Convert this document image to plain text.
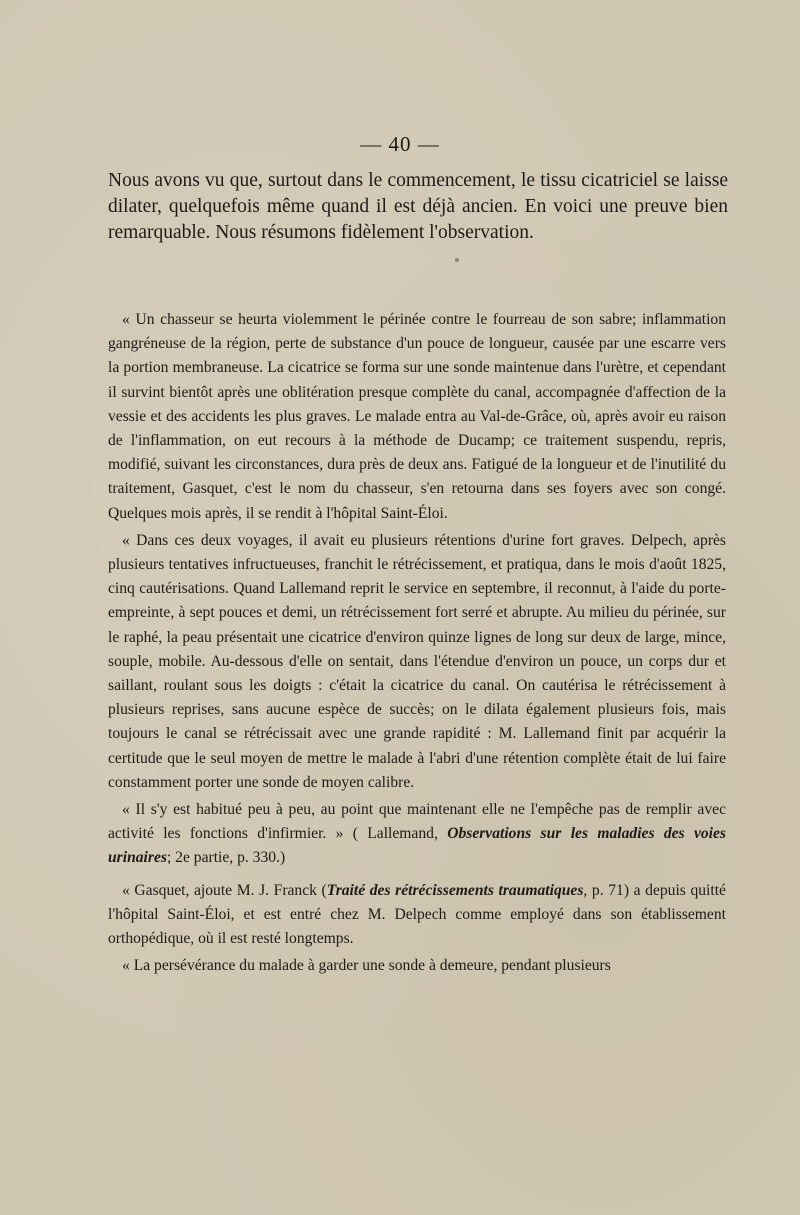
— 40 —

Nous avons vu que, surtout dans le commencement, le tissu cicatriciel se laisse dilater, quelquefois même quand il est déjà ancien. En voici une preuve bien remarquable. Nous résumons fidèlement l'observation.

« Un chasseur se heurta violemment le périnée contre le fourreau de son sabre; inflammation gangréneuse de la région, perte de substance d'un pouce de longueur, causée par une escarre vers la portion membraneuse. La cicatrice se forma sur une sonde maintenue dans l'urètre, et cependant il survint bientôt après une oblitération presque complète du canal, accompagnée d'affection de la vessie et des accidents les plus graves. Le malade entra au Val-de-Grâce, où, après avoir eu raison de l'inflammation, on eut recours à la méthode de Ducamp; ce traitement suspendu, repris, modifié, suivant les circonstances, dura près de deux ans. Fatigué de la longueur et de l'inutilité du traitement, Gasquet, c'est le nom du chasseur, s'en retourna dans ses foyers avec son congé. Quelques mois après, il se rendit à l'hôpital Saint-Éloi.

« Dans ces deux voyages, il avait eu plusieurs rétentions d'urine fort graves. Delpech, après plusieurs tentatives infructueuses, franchit le rétrécissement, et pratiqua, dans le mois d'août 1825, cinq cautérisations. Quand Lallemand reprit le service en septembre, il reconnut, à l'aide du porte-empreinte, à sept pouces et demi, un rétrécissement fort serré et abrupte. Au milieu du périnée, sur le raphé, la peau présentait une cicatrice d'environ quinze lignes de long sur deux de large, mince, souple, mobile. Au-dessous d'elle on sentait, dans l'étendue d'environ un pouce, un corps dur et saillant, roulant sous les doigts : c'était la cicatrice du canal. On cautérisa le rétrécissement à plusieurs reprises, sans aucune espèce de succès; on le dilata également plusieurs fois, mais toujours le canal se rétrécissait avec une grande rapidité : M. Lallemand finit par acquérir la certitude que le seul moyen de mettre le malade à l'abri d'une rétention complète était de lui faire constamment porter une sonde de moyen calibre.

« Il s'y est habitué peu à peu, au point que maintenant elle ne l'empêche pas de remplir avec activité les fonctions d'infirmier. » ( Lallemand, Observations sur les maladies des voies urinaires; 2e partie, p. 330.)

« Gasquet, ajoute M. J. Franck (Traité des rétrécissements traumatiques, p. 71) a depuis quitté l'hôpital Saint-Éloi, et est entré chez M. Delpech comme employé dans son établissement orthopédique, où il est resté longtemps.

« La persévérance du malade à garder une sonde à demeure, pendant plusieurs
